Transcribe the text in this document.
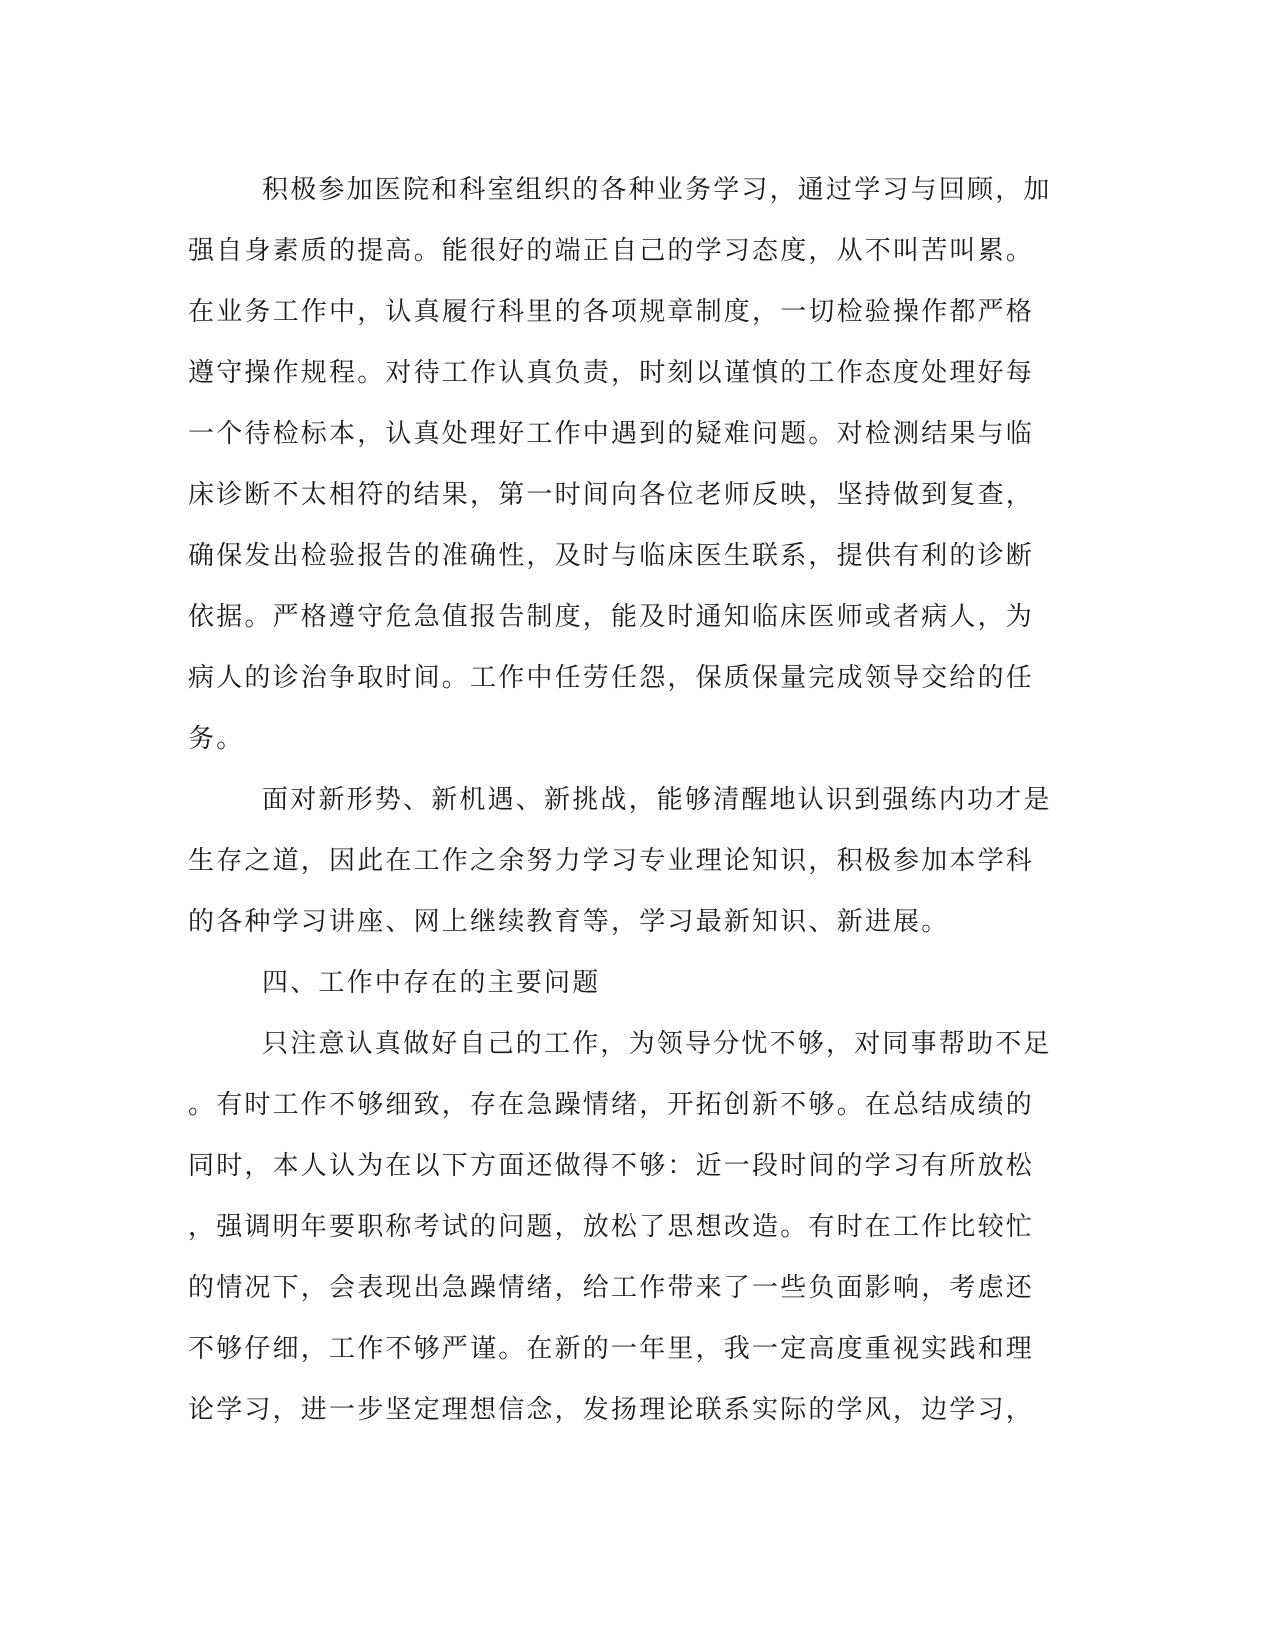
积极参加医院和科室组织的各种业务学习，通过学习与回顾，加
强自身素质的提高。能很好的端正自己的学习态度，从不叫苦叫累。
在业务工作中，认真履行科里的各项规章制度，一切检验操作都严格
遵守操作规程。对待工作认真负责，时刻以谨慎的工作态度处理好每
一个待检标本，认真处理好工作中遇到的疑难问题。对检测结果与临
床诊断不太相符的结果，第一时间向各位老师反映，坚持做到复查，
确保发出检验报告的准确性，及时与临床医生联系，提供有利的诊断
依据。严格遵守危急值报告制度，能及时通知临床医师或者病人，为
病人的诊治争取时间。工作中任劳任怨，保质保量完成领导交给的任
务。
面对新形势、新机遇、新挑战，能够清醒地认识到强练内功才是
生存之道，因此在工作之余努力学习专业理论知识，积极参加本学科
的各种学习讲座、网上继续教育等，学习最新知识、新进展。
四、工作中存在的主要问题
只注意认真做好自己的工作，为领导分忧不够，对同事帮助不足
。有时工作不够细致，存在急躁情绪，开拓创新不够。在总结成绩的
同时，本人认为在以下方面还做得不够：近一段时间的学习有所放松
，强调明年要职称考试的问题，放松了思想改造。有时在工作比较忙
的情况下，会表现出急躁情绪，给工作带来了一些负面影响，考虑还
不够仔细，工作不够严谨。在新的一年里，我一定高度重视实践和理
论学习，进一步坚定理想信念，发扬理论联系实际的学风，边学习，
